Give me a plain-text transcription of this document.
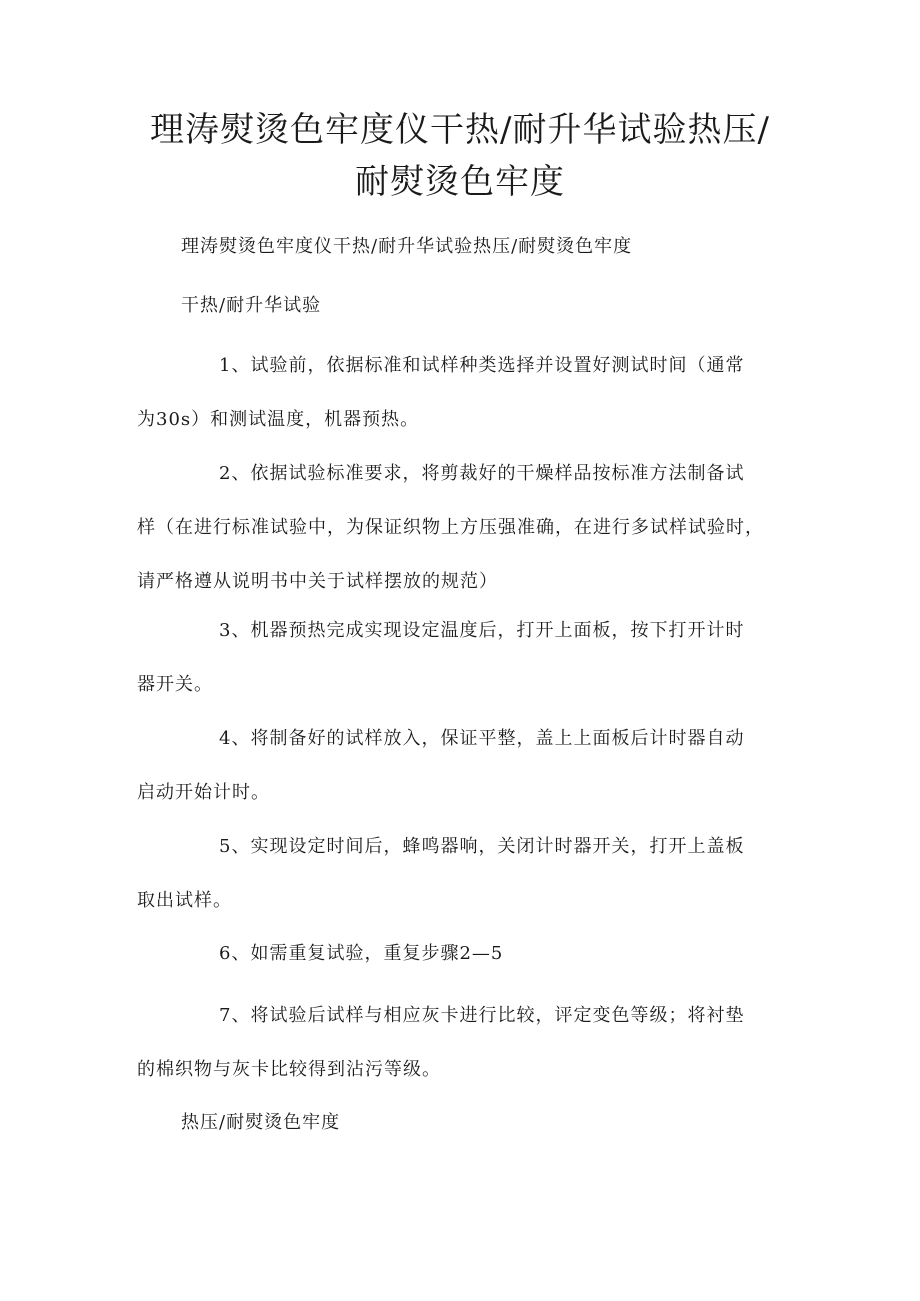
理涛熨烫色牢度仪干热/耐升华试验热压/
耐熨烫色牢度

理涛熨烫色牢度仪干热/耐升华试验热压/耐熨烫色牢度

干热/耐升华试验

1、试验前，依据标准和试样种类选择并设置好测试时间（通常
为30s）和测试温度，机器预热。

2、依据试验标准要求，将剪裁好的干燥样品按标准方法制备试
样（在进行标准试验中，为保证织物上方压强准确，在进行多试样试验时，
请严格遵从说明书中关于试样摆放的规范）

3、机器预热完成实现设定温度后，打开上面板，按下打开计时
器开关。

4、将制备好的试样放入，保证平整，盖上上面板后计时器自动
启动开始计时。

5、实现设定时间后，蜂鸣器响，关闭计时器开关，打开上盖板
取出试样。

6、如需重复试验，重复步骤2—5

7、将试验后试样与相应灰卡进行比较，评定变色等级；将衬垫
的棉织物与灰卡比较得到沾污等级。

热压/耐熨烫色牢度
